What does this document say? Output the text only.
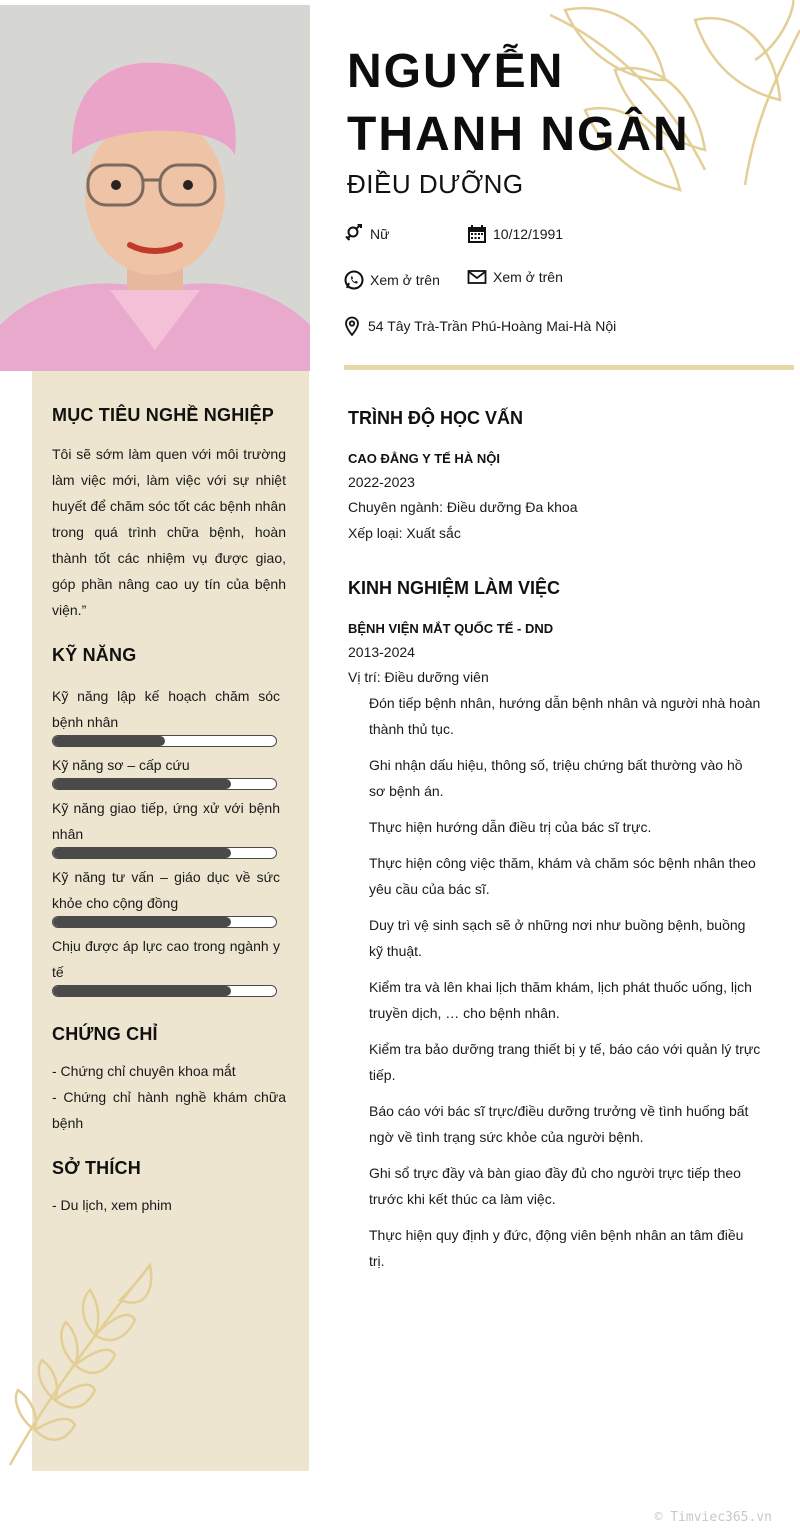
MỤC TIÊU NGHỀ NGHIỆP
Tôi sẽ sớm làm quen với môi trường làm việc mới, làm việc với sự nhiệt huyết để chăm sóc tốt các bệnh nhân trong quá trình chữa bệnh, hoàn thành tốt các nhiệm vụ được giao, góp phần nâng cao uy tín của bệnh viện.”
KỸ NĂNG
Kỹ năng lập kế hoạch chăm sóc bệnh nhân
Kỹ năng sơ – cấp cứu
Kỹ năng giao tiếp, ứng xử với bệnh nhân
Kỹ năng tư vấn – giáo dục về sức khỏe cho cộng đồng
Chịu được áp lực cao trong ngành y tế
CHỨNG CHỈ
- Chứng chỉ chuyên khoa mắt
- Chứng chỉ hành nghề khám chữa bệnh
SỞ THÍCH
- Du lịch, xem phim
NGUYỄN
THANH NGÂN
ĐIỀU DƯỠNG
Nữ	10/12/1991
Xem ở trên	Xem ở trên
54 Tây Trà-Trần Phú-Hoàng Mai-Hà Nội
TRÌNH ĐỘ HỌC VẤN
CAO ĐẲNG Y TẾ HÀ NỘI
2022-2023
Chuyên ngành: Điều dưỡng Đa khoa
Xếp loại: Xuất sắc
KINH NGHIỆM LÀM VIỆC
BỆNH VIỆN MẮT QUỐC TẾ - DND
2013-2024
Vị trí: Điều dưỡng viên
Đón tiếp bệnh nhân, hướng dẫn bệnh nhân và người nhà hoàn thành thủ tục.
Ghi nhận dấu hiệu, thông số, triệu chứng bất thường vào hồ sơ bệnh án.
Thực hiện hướng dẫn điều trị của bác sĩ trực.
Thực hiện công việc thăm, khám và chăm sóc bệnh nhân theo yêu cầu của bác sĩ.
Duy trì vệ sinh sạch sẽ ở những nơi như buồng bệnh, buồng kỹ thuật.
Kiểm tra và lên khai lịch thăm khám, lịch phát thuốc uống, lịch truyền dịch, … cho bệnh nhân.
Kiểm tra bảo dưỡng trang thiết bị y tế, báo cáo với quản lý trực tiếp.
Báo cáo với bác sĩ trực/điều dưỡng trưởng về tình huống bất ngờ về tình trạng sức khỏe của người bệnh.
Ghi sổ trực đầy và bàn giao đầy đủ cho người trực tiếp theo trước khi kết thúc ca làm việc.
Thực hiện quy định y đức, động viên bệnh nhân an tâm điều trị.
© Timviec365.vn
